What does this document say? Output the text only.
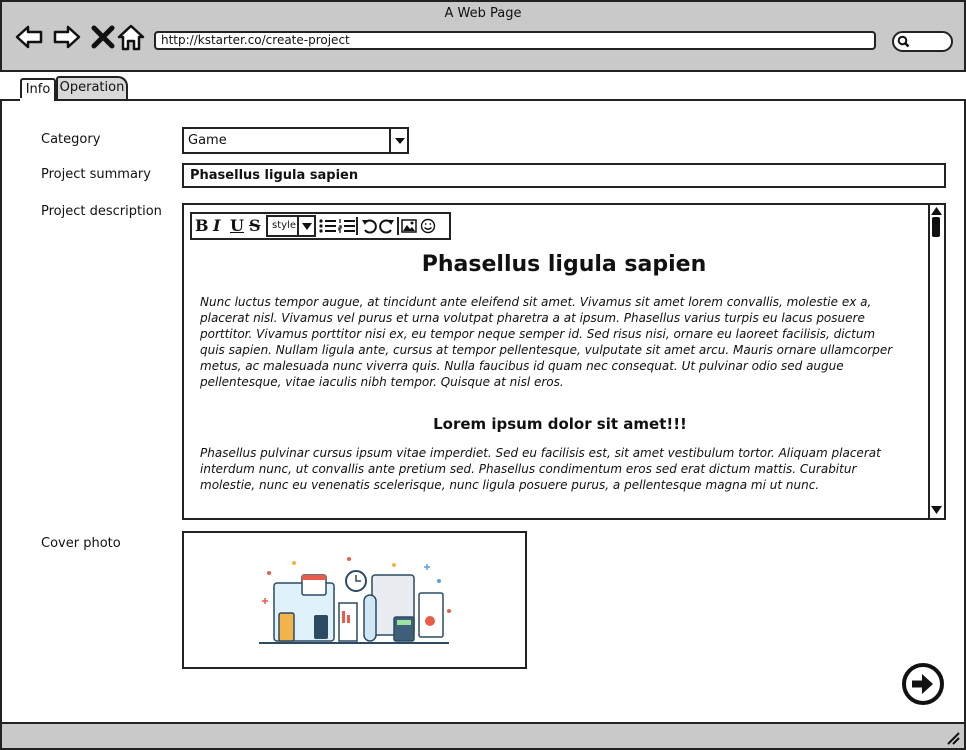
A Web Page
http://kstarter.co/create-project
Operation
Info
Category
Project summary
Project description
Cover photo
Game
Phasellus ligula sapien
B I U S style
Phasellus ligula sapien
Nunc luctus tempor augue, at tincidunt ante eleifend sit amet. Vivamus sit amet lorem convallis, molestie ex a, placerat nisl. Vivamus vel purus et urna volutpat pharetra a at ipsum. Phasellus varius turpis eu lacus posuere porttitor. Vivamus porttitor nisi ex, eu tempor neque semper id. Sed risus nisi, ornare eu laoreet facilisis, dictum quis sapien. Nullam ligula ante, cursus at tempor pellentesque, vulputate sit amet arcu. Mauris ornare ullamcorper metus, ac malesuada nunc viverra quis. Nulla faucibus id quam nec consequat. Ut pulvinar odio sed augue pellentesque, vitae iaculis nibh tempor. Quisque at nisl eros.
Lorem ipsum dolor sit amet!!!
Phasellus pulvinar cursus ipsum vitae imperdiet. Sed eu facilisis est, sit amet vestibulum tortor. Aliquam placerat interdum nunc, ut convallis ante pretium sed. Phasellus condimentum eros sed erat dictum mattis. Curabitur molestie, nunc eu venenatis scelerisque, nunc ligula posuere purus, a pellentesque magna mi ut nunc.
